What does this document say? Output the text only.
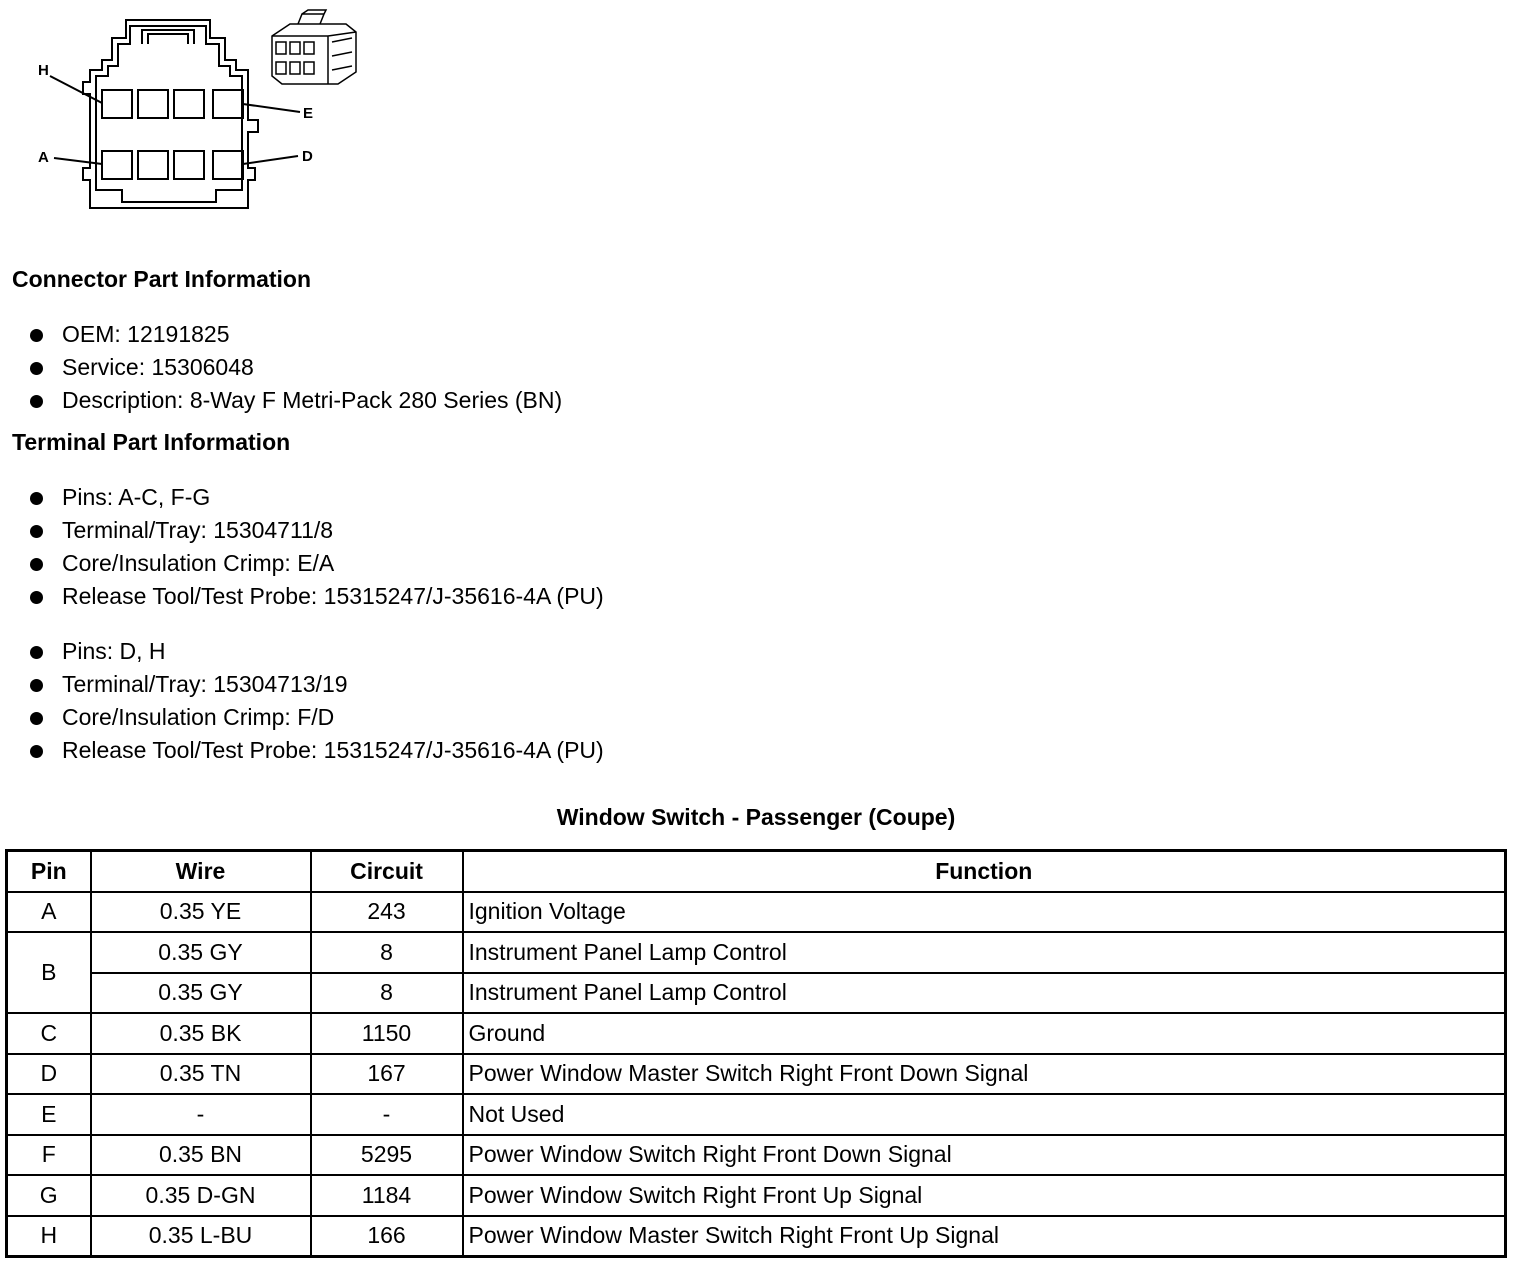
H
E
A	D
Connector Part Information
OEM: 12191825
Service: 15306048
Description: 8-Way F Metri-Pack 280 Series (BN)
Terminal Part Information
Pins: A-C, F-G
Terminal/Tray: 15304711/8
Core/Insulation Crimp: E/A
Release Tool/Test Probe: 15315247/J-35616-4A (PU)
Pins: D, H
Terminal/Tray: 15304713/19
Core/Insulation Crimp: F/D
Release Tool/Test Probe: 15315247/J-35616-4A (PU)
Window Switch - Passenger (Coupe)
Pin	Wire	Circuit	Function
A	0.35 YE	243	Ignition Voltage
B	0.35 GY	8	Instrument Panel Lamp Control
	0.35 GY	8	Instrument Panel Lamp Control
C	0.35 BK	1150	Ground
D	0.35 TN	167	Power Window Master Switch Right Front Down Signal
E	-	-	Not Used
F	0.35 BN	5295	Power Window Switch Right Front Down Signal
G	0.35 D-GN	1184	Power Window Switch Right Front Up Signal
H	0.35 L-BU	166	Power Window Master Switch Right Front Up Signal
